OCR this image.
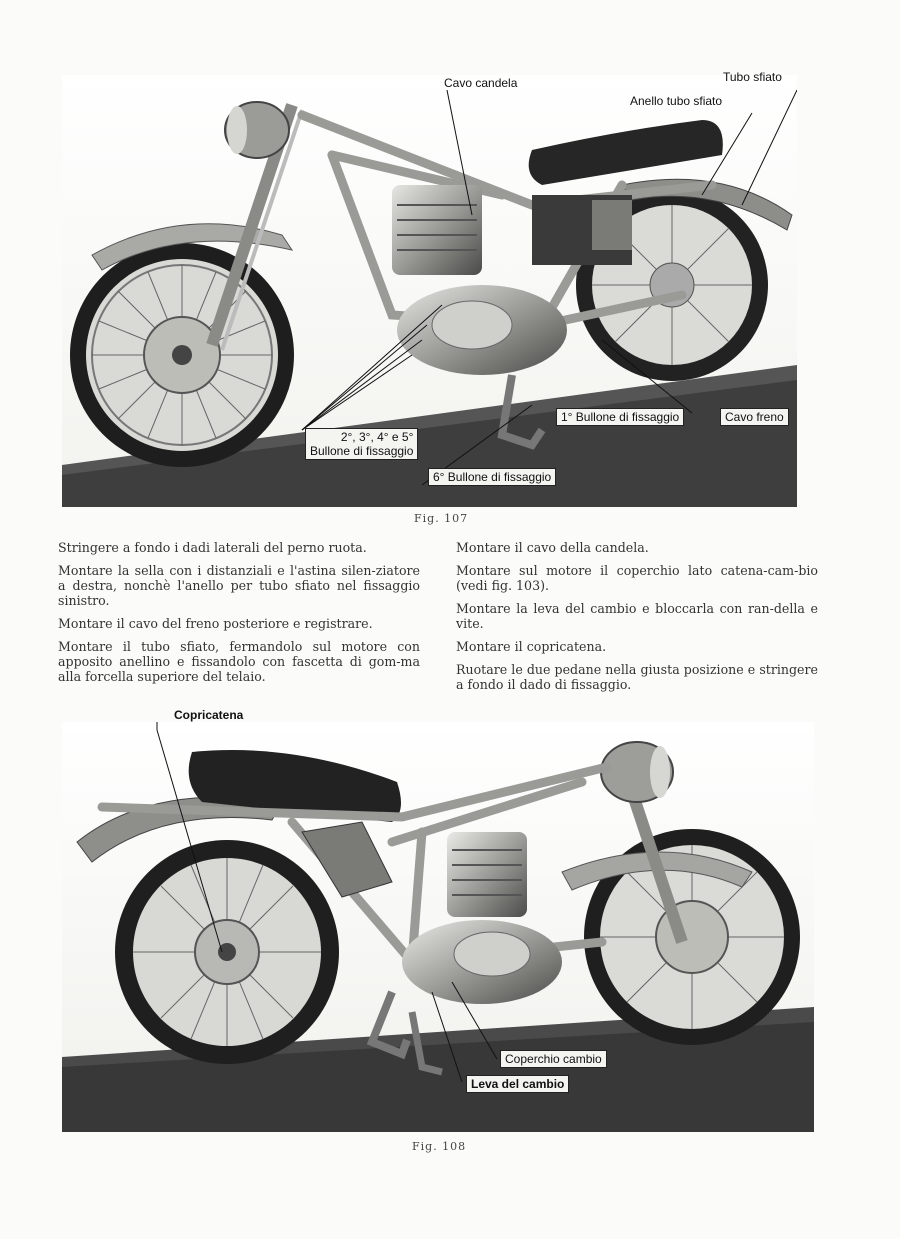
Cavo candela	Tubo sfiato
Anello tubo sfiato
2°, 3°, 4° e 5°
Bullone di fissaggio
1° Bullone di fissaggio	Cavo freno
6° Bullone di fissaggio
Fig. 107

Stringere a fondo i dadi laterali del perno ruota.

Montare la sella con i distanziali e l'astina silen-ziatore a destra, nonchè l'anello per tubo sfiato nel fissaggio sinistro.

Montare il cavo del freno posteriore e registrare.

Montare il tubo sfiato, fermandolo sul motore con apposito anellino e fissandolo con fascetta di gom-ma alla forcella superiore del telaio.

Montare il cavo della candela.

Montare sul motore il coperchio lato catena-cam-bio (vedi fig. 103).

Montare la leva del cambio e bloccarla con ran-della e vite.

Montare il copricatena.

Ruotare le due pedane nella giusta posizione e stringere a fondo il dado di fissaggio.

Copricatena
Coperchio cambio
Leva del cambio
Fig. 108
